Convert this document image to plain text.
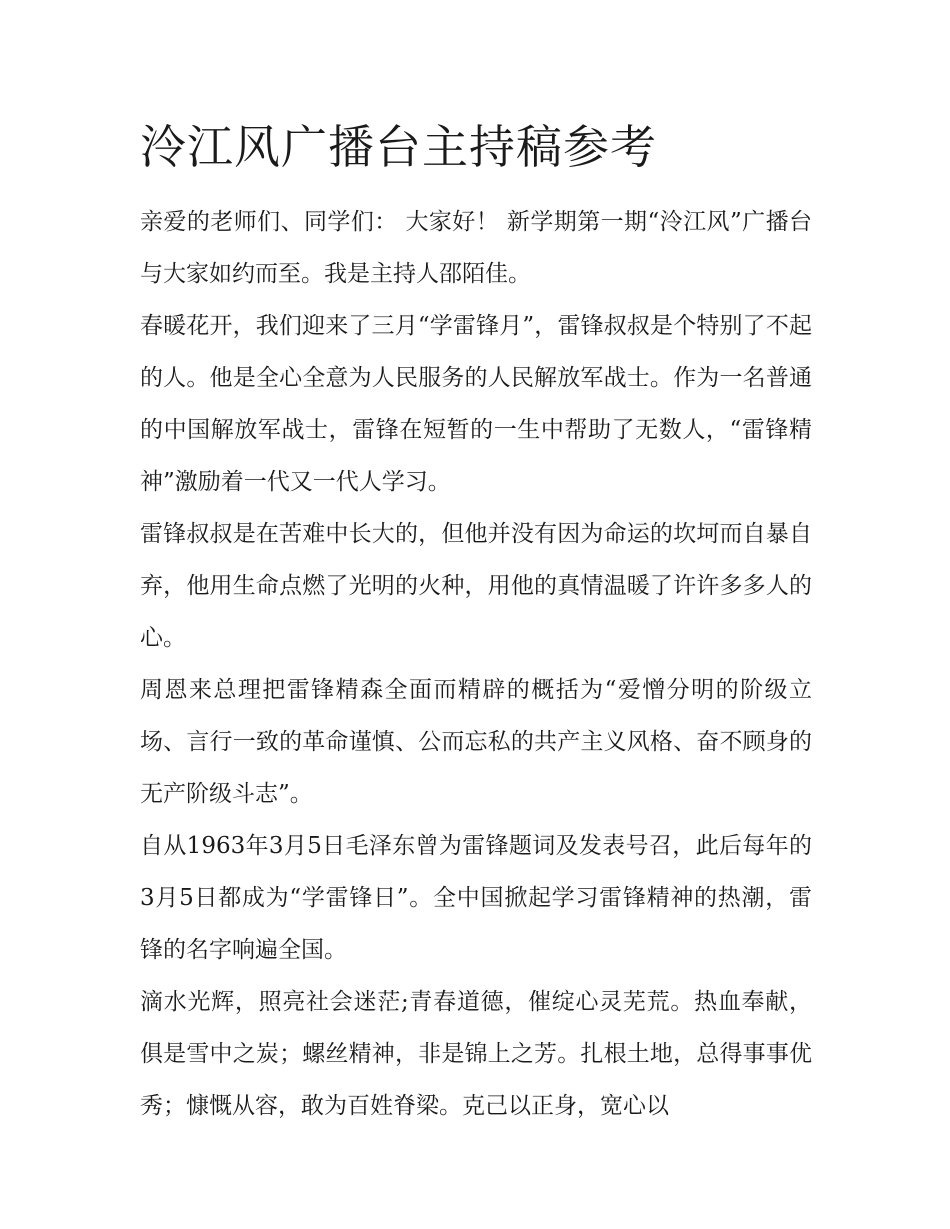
泠江风广播台主持稿参考

亲爱的老师们、同学们： 大家好！ 新学期第一期“泠江风”广播台与大家如约而至。我是主持人邵陌佳。

春暖花开，我们迎来了三月“学雷锋月”，雷锋叔叔是个特别了不起的人。他是全心全意为人民服务的人民解放军战士。作为一名普通的中国解放军战士，雷锋在短暂的一生中帮助了无数人，“雷锋精神”激励着一代又一代人学习。

雷锋叔叔是在苦难中长大的，但他并没有因为命运的坎坷而自暴自弃，他用生命点燃了光明的火种，用他的真情温暖了许许多多人的心。

周恩来总理把雷锋精森全面而精辟的概括为“爱憎分明的阶级立场、言行一致的革命谨慎、公而忘私的共产主义风格、奋不顾身的无产阶级斗志”。

自从1963年3月5日毛泽东曾为雷锋题词及发表号召，此后每年的3月5日都成为“学雷锋日”。全中国掀起学习雷锋精神的热潮，雷锋的名字响遍全国。

滴水光辉，照亮社会迷茫;青春道德，催绽心灵芜荒。热血奉献，俱是雪中之炭；螺丝精神，非是锦上之芳。扎根土地，总得事事优秀；慷慨从容，敢为百姓脊梁。克己以正身，宽心以
